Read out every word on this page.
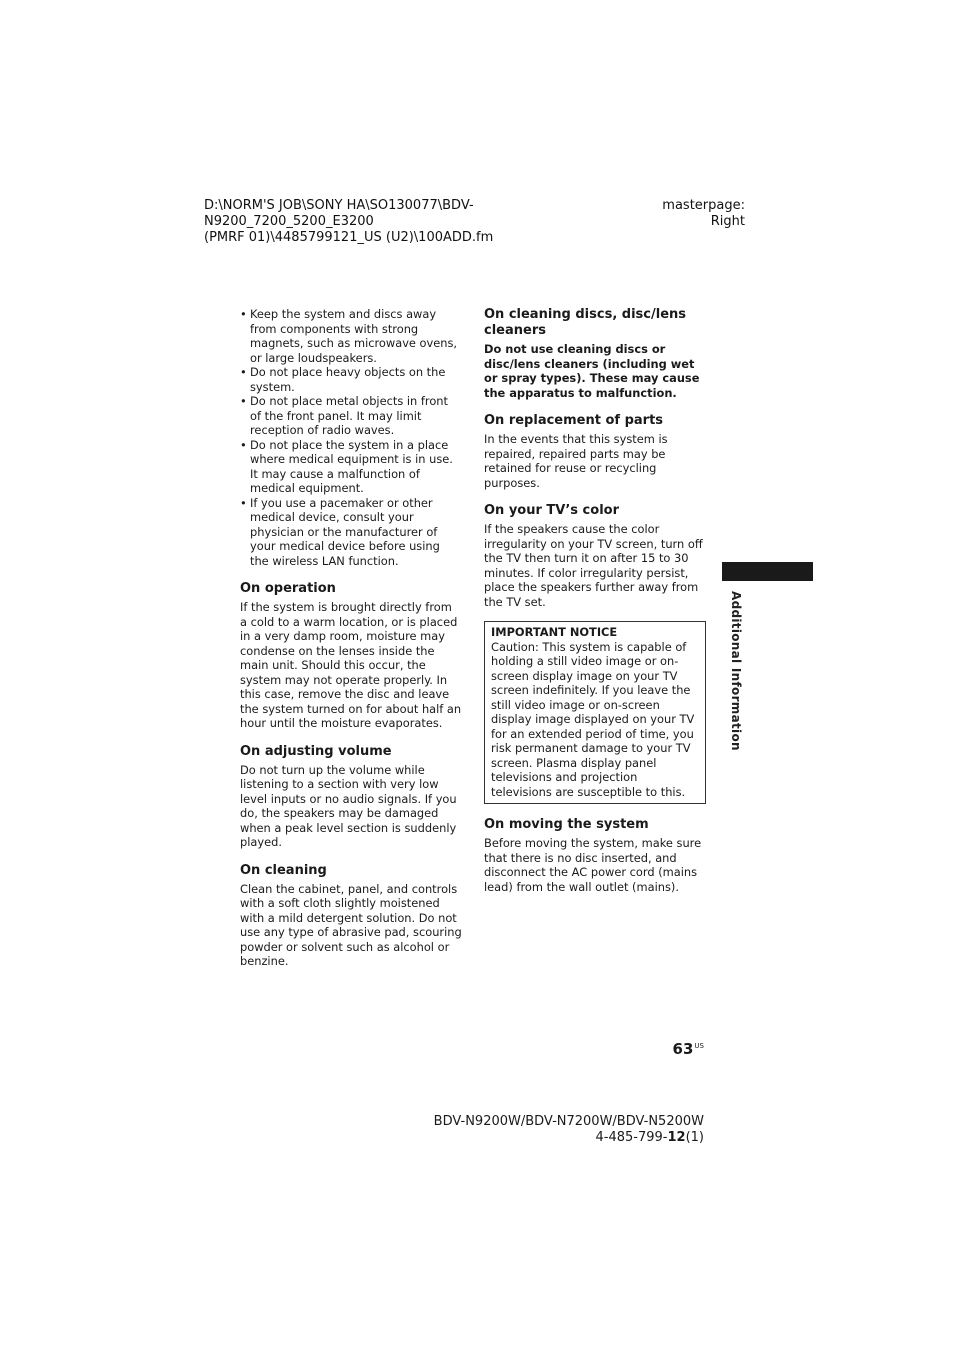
D:\NORM'S JOB\SONY HA\SO130077\BDV-N9200_7200_5200_E3200
(PMRF 01)\4485799121_US (U2)\100ADD.fm
masterpage:
Right
• Keep the system and discs away from components with strong magnets, such as microwave ovens, or large loudspeakers.
• Do not place heavy objects on the system.
• Do not place metal objects in front of the front panel. It may limit reception of radio waves.
• Do not place the system in a place where medical equipment is in use. It may cause a malfunction of medical equipment.
• If you use a pacemaker or other medical device, consult your physician or the manufacturer of your medical device before using the wireless LAN function.
On operation

If the system is brought directly from a cold to a warm location, or is placed in a very damp room, moisture may condense on the lenses inside the main unit. Should this occur, the system may not operate properly. In this case, remove the disc and leave the system turned on for about half an hour until the moisture evaporates.

On adjusting volume

Do not turn up the volume while listening to a section with very low level inputs or no audio signals. If you do, the speakers may be damaged when a peak level section is suddenly played.

On cleaning

Clean the cabinet, panel, and controls with a soft cloth slightly moistened with a mild detergent solution. Do not use any type of abrasive pad, scouring powder or solvent such as alcohol or benzine.

On cleaning discs, disc/lens cleaners

Do not use cleaning discs or disc/lens cleaners (including wet or spray types). These may cause the apparatus to malfunction.

On replacement of parts

In the events that this system is repaired, repaired parts may be retained for reuse or recycling purposes.

On your TV’s color

If the speakers cause the color irregularity on your TV screen, turn off the TV then turn it on after 15 to 30 minutes. If color irregularity persist, place the speakers further away from the TV set.

IMPORTANT NOTICE

Caution: This system is capable of holding a still video image or on-screen display image on your TV screen indefinitely. If you leave the still video image or on-screen display image displayed on your TV for an extended period of time, you risk permanent damage to your TV screen. Plasma display panel televisions and projection televisions are susceptible to this.

On moving the system

Before moving the system, make sure that there is no disc inserted, and disconnect the AC power cord (mains lead) from the wall outlet (mains).

Additional Information
$63^{US}$
BDV-N9200W/BDV-N7200W/BDV-N5200W
4-485-799-12(1)
